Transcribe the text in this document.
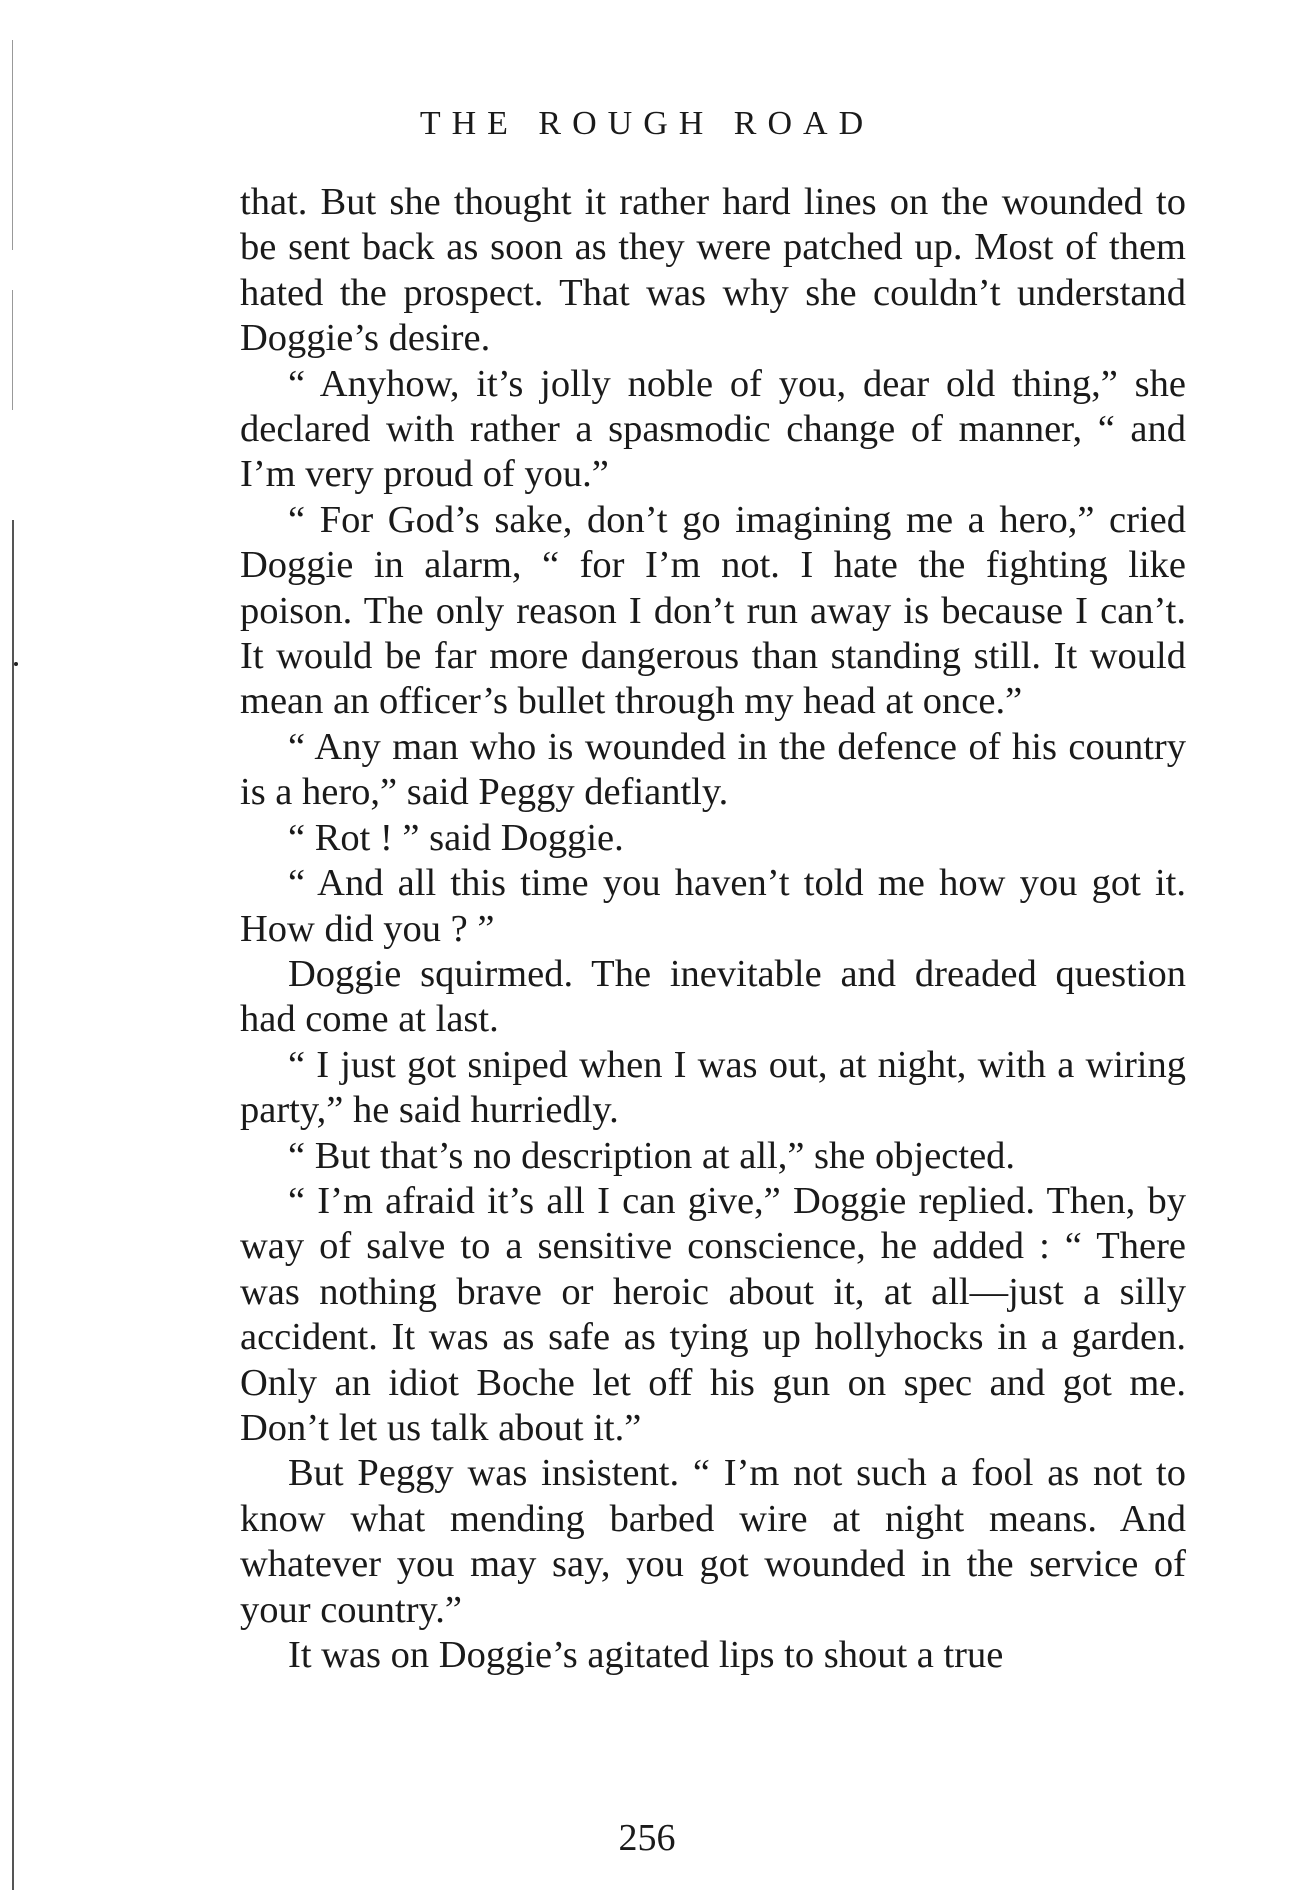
THE ROUGH ROAD

that. But she thought it rather hard lines on the wounded to be sent back as soon as they were patched up. Most of them hated the prospect. That was why she couldn’t understand Doggie’s desire.

“ Anyhow, it’s jolly noble of you, dear old thing,” she declared with rather a spasmodic change of manner, “ and I’m very proud of you.”

“ For God’s sake, don’t go imagining me a hero,” cried Doggie in alarm, “ for I’m not. I hate the fighting like poison. The only reason I don’t run away is because I can’t. It would be far more dangerous than standing still. It would mean an officer’s bullet through my head at once.”

“ Any man who is wounded in the defence of his country is a hero,” said Peggy defiantly.

“ Rot ! ” said Doggie.

“ And all this time you haven’t told me how you got it. How did you ? ”

Doggie squirmed. The inevitable and dreaded question had come at last.

“ I just got sniped when I was out, at night, with a wiring party,” he said hurriedly.

“ But that’s no description at all,” she objected.

“ I’m afraid it’s all I can give,” Doggie replied. Then, by way of salve to a sensitive conscience, he added : “ There was nothing brave or heroic about it, at all—just a silly accident. It was as safe as tying up hollyhocks in a garden. Only an idiot Boche let off his gun on spec and got me. Don’t let us talk about it.”

But Peggy was insistent. “ I’m not such a fool as not to know what mending barbed wire at night means. And whatever you may say, you got wounded in the service of your country.”

It was on Doggie’s agitated lips to shout a true

256
